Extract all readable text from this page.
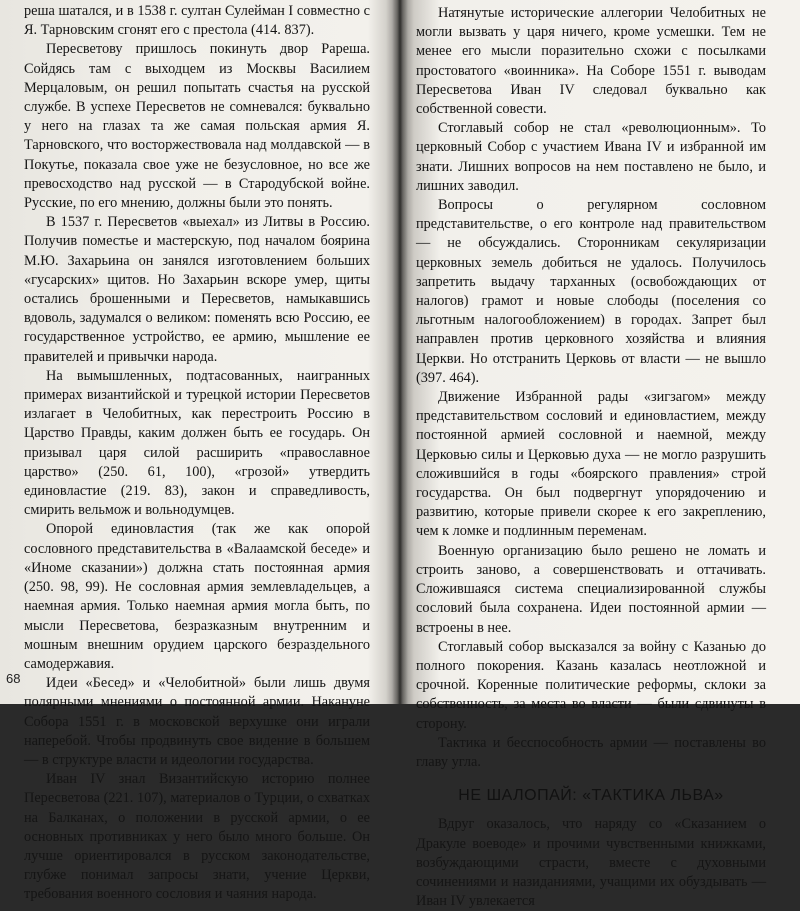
решa шатался, и в 1538 г. султан Сулейман I совместно с Я. Тарновским сгонят его с престола (414. 837).

Пересветову пришлось покинуть двор Рареша. Сойдясь там с выходцем из Москвы Василием Мерцаловым, он решил попытать счастья на русской службе. В успехе Пересветов не сомневался: буквально у него на глазах та же самая польская армия Я. Тарновского, что восторжествовала над молдавской — в Покутье, показала свое уже не безусловное, но все же превосходство над русской — в Стародубской войне. Русские, по его мнению, должны были это понять.

В 1537 г. Пересветов «выехал» из Литвы в Россию. Получив поместье и мастерскую, под началом боярина М.Ю. Захарьина он занялся изготовлением больших «гусарских» щитов. Но Захарьин вскоре умер, щиты остались брошенными и Пересветов, намыкавшись вдоволь, задумался о великом: поменять всю Россию, ее государственное устройство, ее армию, мышление ее правителей и привычки народа.

На вымышленных, подтасованных, наигранных примерах византийской и турецкой истории Пересветов излагает в Челобитных, как перестроить Россию в Царство Правды, каким должен быть ее государь. Он призывал царя силой расширить «православное царство» (250. 61, 100), «грозой» утвердить единовластие (219. 83), закон и справедливость, смирить вельмож и вольнодумцев.

Опорой единовластия (так же как опорой сословного представительства в «Валаамской беседе» и «Иноме сказании») должна стать постоянная армия (250. 98, 99). Не сословная армия землевладельцев, а наемная армия. Только наемная армия могла быть, по мысли Пересветова, безразказным внутренним и мошным внешним орудием царского безраздельного самодержавия.

Идеи «Бесед» и «Челобитной» были лишь двумя полярными мнениями о постоянной армии. Накануне Собора 1551 г. в московской верхушке они играли наперебой. Чтобы продвинуть свое видение в большем — в структуре власти и идеологии государства.

Иван IV знал Византийскую историю полнее Пересветова (221. 107), материалов о Турции, о схватках на Балканах, о положении в русской армии, о ее основных противниках у него было много больше. Он лучше ориентировался в русском законодательстве, глубже понимал запросы знати, учение Церкви, требования военного сословия и чаяния народа.

68

Натянутые исторические аллегории Челобитных не могли вызвать у царя ничего, кроме усмешки. Тем не менее его мысли поразительно схожи с посылками простоватого «воинника». На Соборе 1551 г. выводам Пересветова Иван IV следовал буквально как собственной совести.

Стоглавый собор не стал «революционным». То церковный Собор с участием Ивана IV и избранной им знати. Лишних вопросов на нем поставлено не было, и лишних заводил.

Вопросы о регулярном сословном представительстве, о его контроле над правительством — не обсуждались. Сторонникам секуляризации церковных земель добиться не удалось. Получилось запретить выдачу тарханных (освобождающих от налогов) грамот и новые слободы (поселения со льготным налогообложением) в городах. Запрет был направлен против церковного хозяйства и влияния Церкви. Но отстранить Церковь от власти — не вышло (397. 464).

Движение Избранной рады «зигзагом» между представительством сословий и единовластием, между постоянной армией сословной и наемной, между Церковью силы и Церковью духа — не могло разрушить сложившийся в годы «боярского правления» строй государства. Он был подвергнут упорядочению и развитию, которые привели скорее к его закреплению, чем к ломке и подлинным переменам.

Военную организацию было решено не ломать и строить заново, а совершенствовать и оттачивать. Сложившаяся система специализированной службы сословий была сохранена. Идеи постоянной армии — встроены в нее.

Стоглавый собор высказался за войну с Казанью до полного покорения. Казань казалась неотложной и срочной. Коренные политические реформы, склоки за собственность, за места во власти — были сдвинуты в сторону.

Тактика и бесспособность армии — поставлены во главу угла.

НЕ ШАЛОПАЙ: «ТАКТИКА ЛЬВА»

Вдруг оказалось, что наряду со «Сказанием о Дракуле воеводе» и прочими чувственными книжками, возбуждающими страсти, вместе с духовными сочинениями и назиданиями, учащими их обуздывать — Иван IV увлекается
